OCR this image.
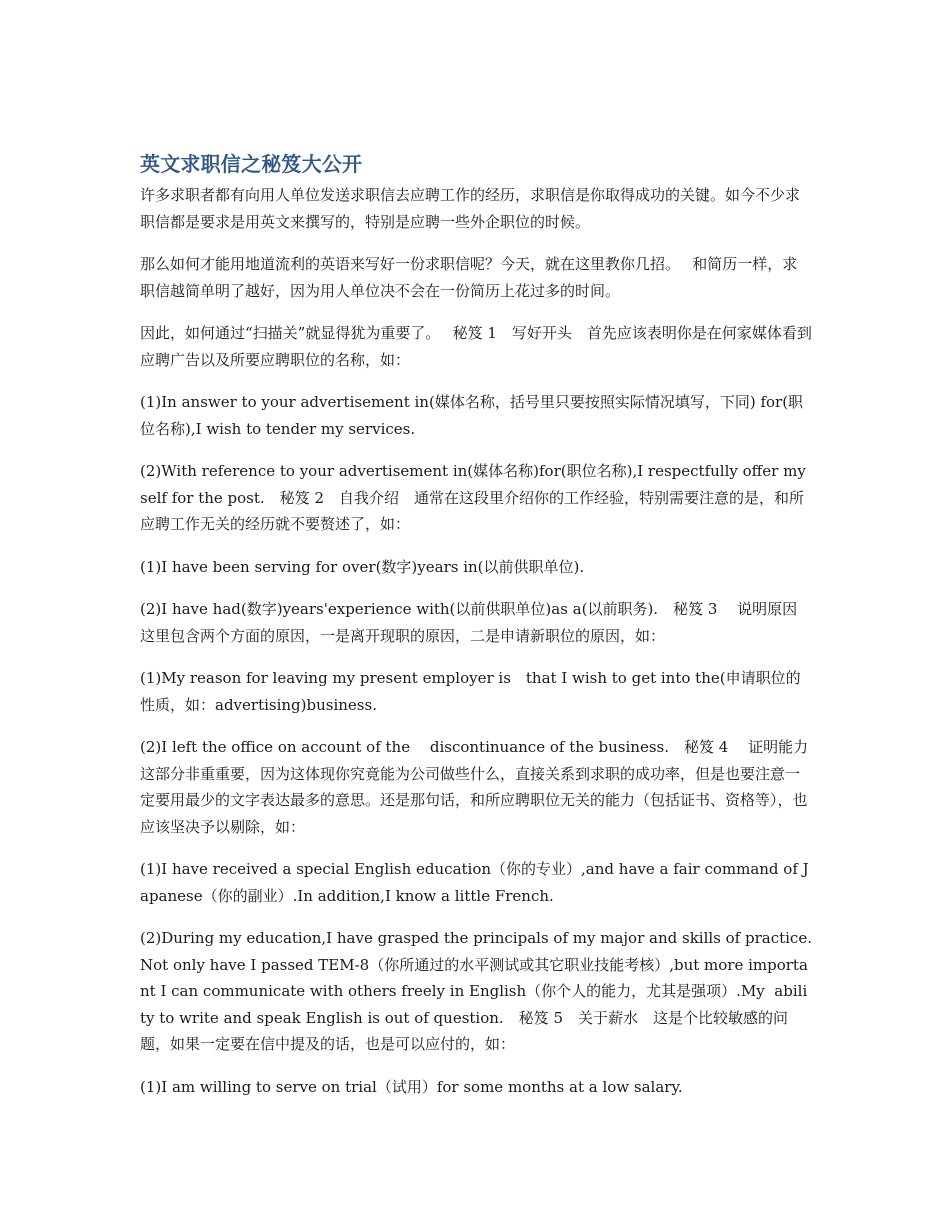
英文求职信之秘笈大公开

许多求职者都有向用人单位发送求职信去应聘工作的经历，求职信是你取得成功的关键。如今不少求职信都是要求是用英文来撰写的，特别是应聘一些外企职位的时候。

那么如何才能用地道流利的英语来写好一份求职信呢？今天，就在这里教你几招。　 和简历一样，求职信越简单明了越好，因为用人单位决不会在一份简历上花过多的时间。

因此，如何通过“扫描关”就显得犹为重要了。　 秘笈 1　写好开头　首先应该表明你是在何家媒体看到应聘广告以及所要应聘职位的名称，如：

(1)In answer to your advertisement in(媒体名称，括号里只要按照实际情况填写，下同) for(职位名称),I wish to tender my services.

(2)With reference to your advertisement in(媒体名称)for(职位名称),I respectfully offer myself for the post.　秘笈 2　自我介绍　通常在这段里介绍你的工作经验，特别需要注意的是，和所应聘工作无关的经历就不要赘述了，如：

(1)I have been serving for over(数字)years in(以前供职单位).

(2)I have had(数字)years'experience with(以前供职单位)as a(以前职务).　秘笈 3　 说明原因　这里包含两个方面的原因，一是离开现职的原因，二是申请新职位的原因，如：

(1)My reason for leaving my present employer is　that I wish to get into the(申请职位的性质，如：advertising)business.

(2)I left the office on account of the　 discontinuance of the business.　秘笈 4　 证明能力　这部分非重重要，因为这体现你究竟能为公司做些什么，直接关系到求职的成功率，但是也要注意一定要用最少的文字表达最多的意思。还是那句话，和所应聘职位无关的能力（包括证书、资格等），也应该坚决予以剔除，如：

(1)I have received a special English education（你的专业）,and have a fair command of Japanese（你的副业）.In addition,I know a little French.

(2)During my education,I have grasped the principals of my major and skills of practice. Not only have I passed TEM-8（你所通过的水平测试或其它职业技能考核）,but more important I can communicate with others freely in English（你个人的能力，尤其是强项）.My  ability to write and speak English is out of question.　秘笈 5　关于薪水　这是个比较敏感的问题，如果一定要在信中提及的话，也是可以应付的，如：

(1)I am willing to serve on trial（试用）for some months at a low salary.
